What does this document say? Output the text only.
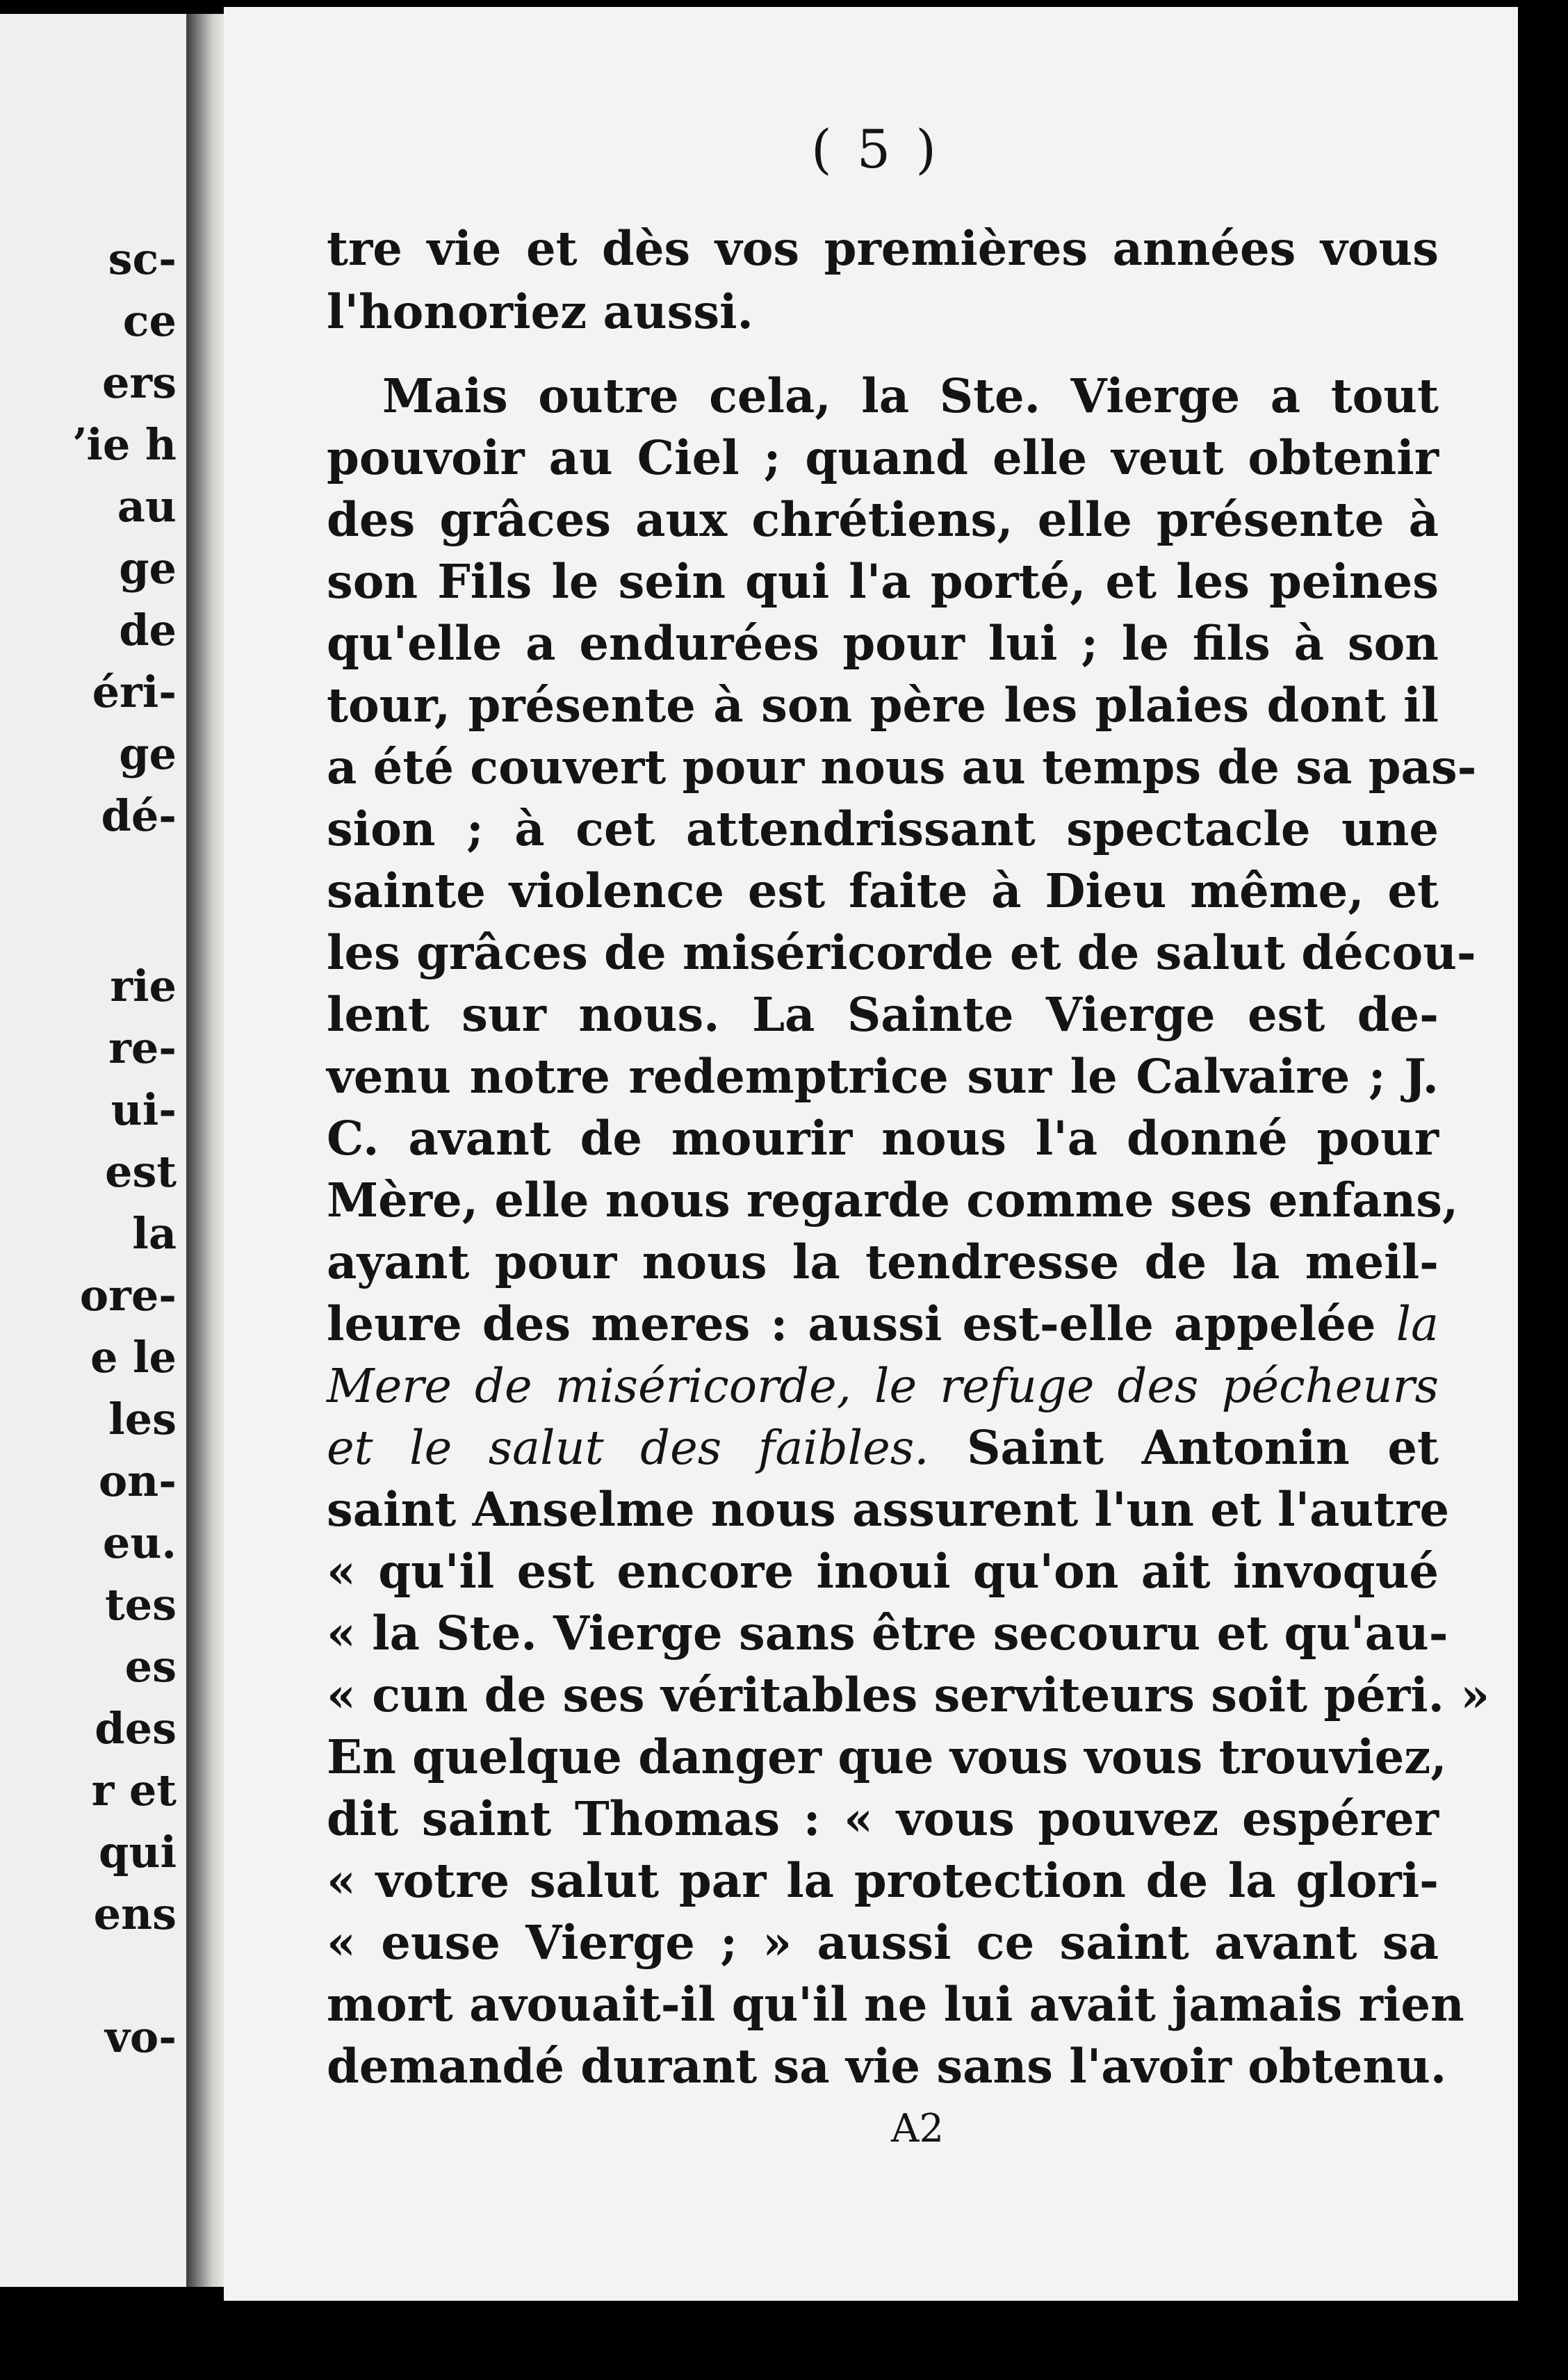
sc-
ce
ers
ʼie h
au
ge
de
éri-
ge
dé-
rie
re-
ui-
est
la
ore-
e le
les
on-
eu.
tes
es
des
r et
qui
ens
vo-
( 5 )
tre vie et dès vos premières années vous
l'honoriez aussi.
Mais outre cela, la Ste. Vierge a tout
pouvoir au Ciel ; quand elle veut obtenir
des grâces aux chrétiens, elle présente à
son Fils le sein qui l'a porté, et les peines
qu'elle a endurées pour lui ; le fils à son
tour, présente à son père les plaies dont il
a été couvert pour nous au temps de sa pas-
sion ; à cet attendrissant spectacle une
sainte violence est faite à Dieu même, et
les grâces de miséricorde et de salut décou-
lent sur nous. La Sainte Vierge est de-
venu notre redemptrice sur le Calvaire ; J.
C. avant de mourir nous l'a donné pour
Mère, elle nous regarde comme ses enfans,
ayant pour nous la tendresse de la meil-
leure des meres : aussi est-elle appelée la
Mere de miséricorde, le refuge des pécheurs
et le salut des faibles. Saint Antonin et
saint Anselme nous assurent l'un et l'autre
« qu'il est encore inoui qu'on ait invoqué
« la Ste. Vierge sans être secouru et qu'au-
« cun de ses véritables serviteurs soit péri. »
En quelque danger que vous vous trouviez,
dit saint Thomas : « vous pouvez espérer
« votre salut par la protection de la glori-
« euse Vierge ; » aussi ce saint avant sa
mort avouait-il qu'il ne lui avait jamais rien
demandé durant sa vie sans l'avoir obtenu.
A2
